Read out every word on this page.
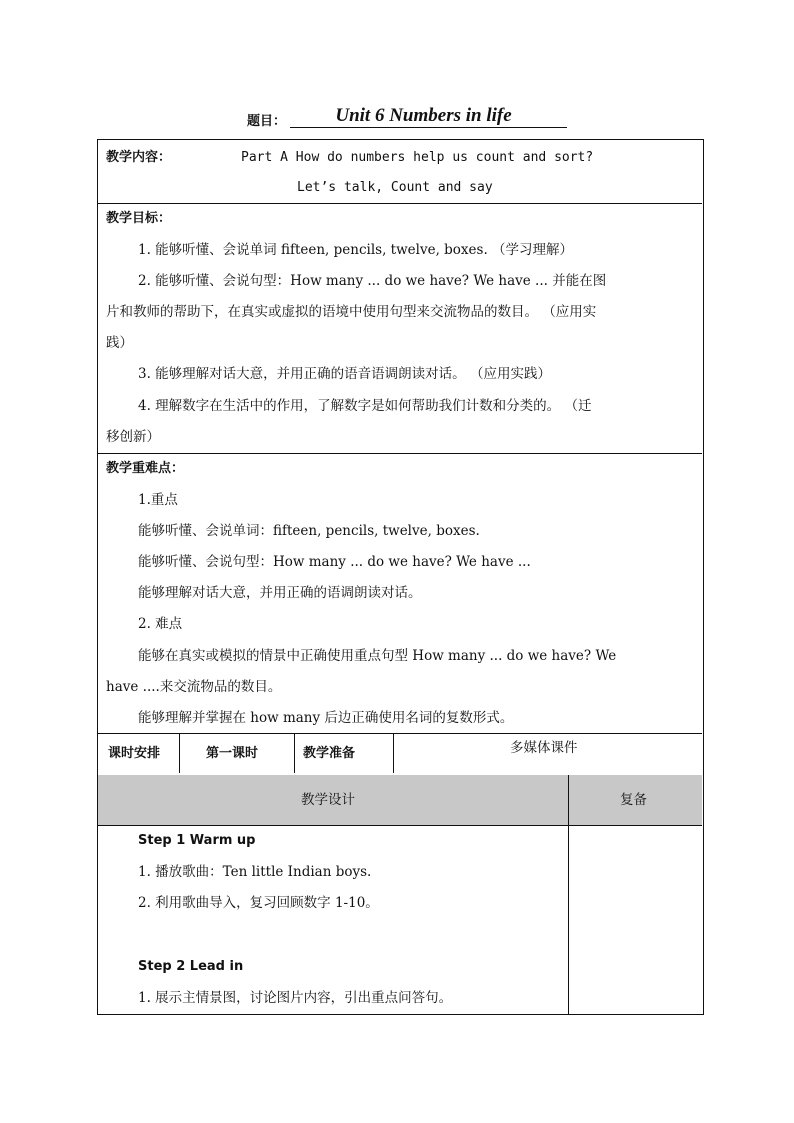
题目：	Unit 6 Numbers in life
教学内容：	Part A How do numbers help us count and sort?
Let’s talk, Count and say
教学目标：
1. 能够听懂、会说单词 fifteen, pencils, twelve, boxes. （学习理解）
2. 能够听懂、会说句型：How many ... do we have? We have ... 并能在图
片和教师的帮助下，在真实或虚拟的语境中使用句型来交流物品的数目。 （应用实
践）
3. 能够理解对话大意，并用正确的语音语调朗读对话。 （应用实践）
4. 理解数字在生活中的作用，了解数字是如何帮助我们计数和分类的。 （迁
移创新）
教学重难点：
1.重点
能够听懂、会说单词：fifteen, pencils, twelve, boxes.
能够听懂、会说句型：How many ... do we have? We have ...
能够理解对话大意，并用正确的语调朗读对话。
2. 难点
能够在真实或模拟的情景中正确使用重点句型 How many ... do we have? We
have ....来交流物品的数目。
能够理解并掌握在 how many 后边正确使用名词的复数形式。
课时安排	第一课时	教学准备	多媒体课件
教学设计	复备
Step 1 Warm up
1. 播放歌曲：Ten little Indian boys.
2. 利用歌曲导入，复习回顾数字 1-10。
Step 2 Lead in
1. 展示主情景图，讨论图片内容，引出重点问答句。
